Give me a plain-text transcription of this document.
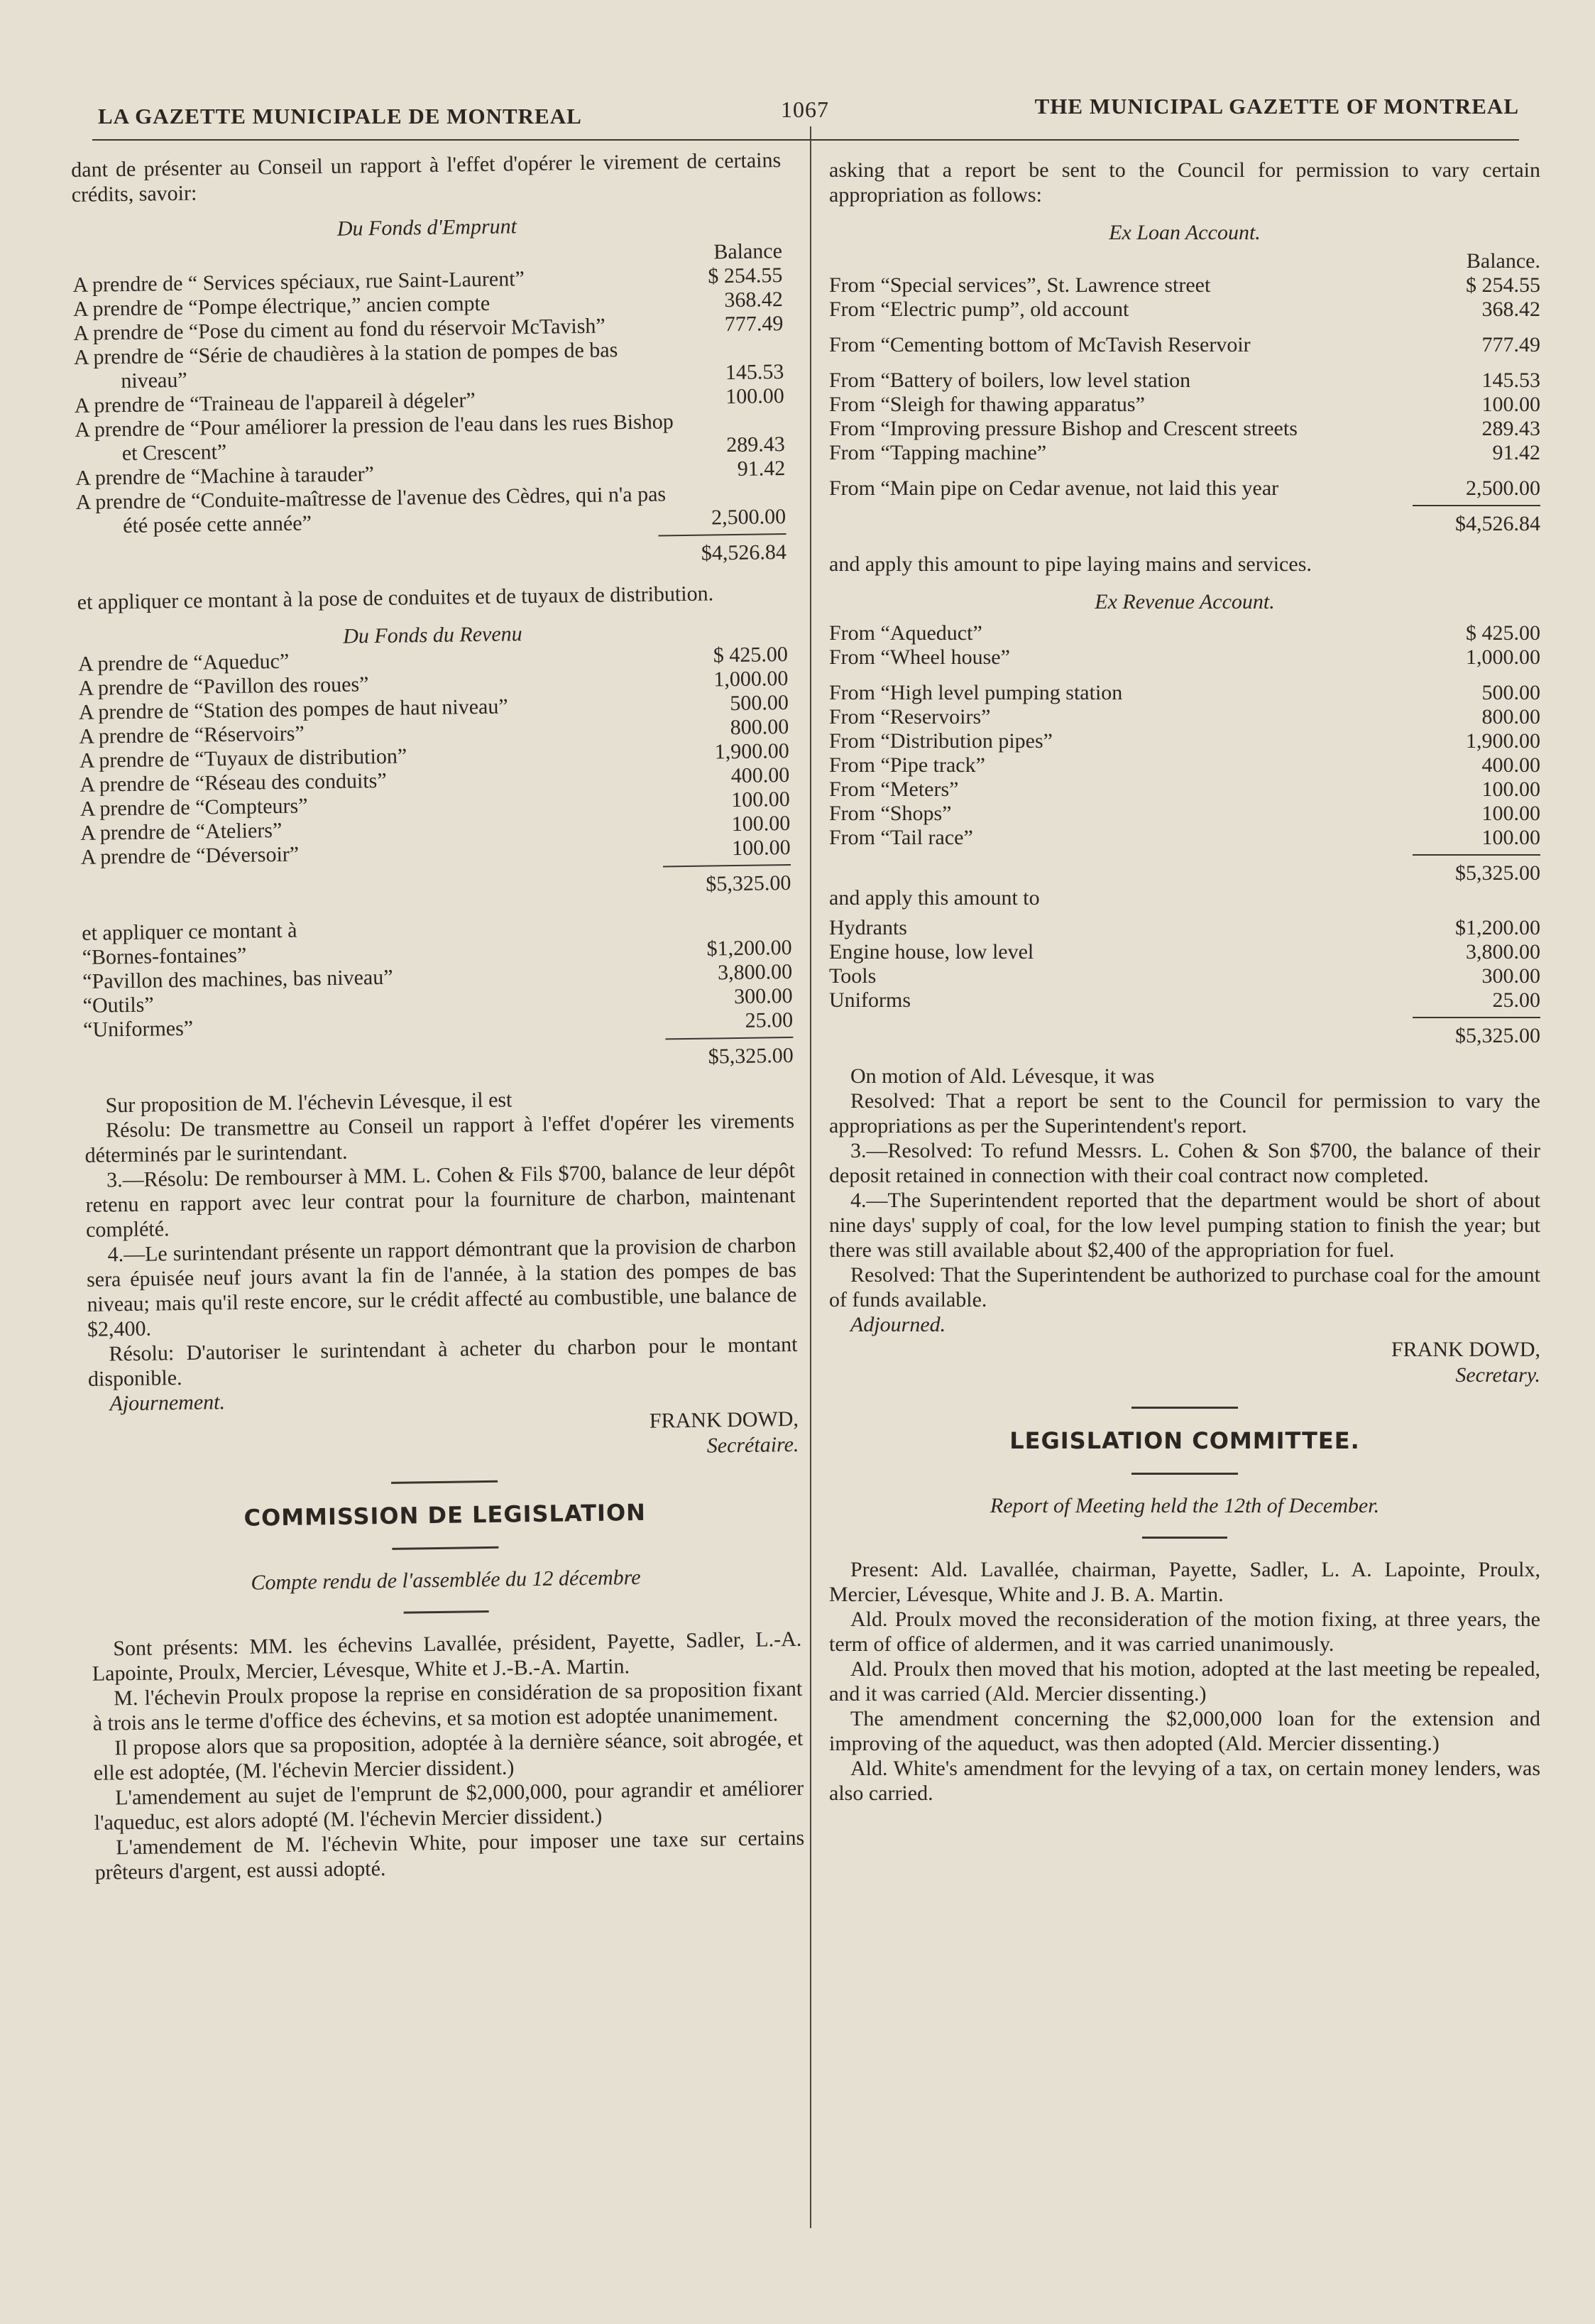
LA GAZETTE MUNICIPALE DE MONTREAL	1067	THE MUNICIPAL GAZETTE OF MONTREAL

dant de présenter au Conseil un rapport à l'effet d'opérer le virement de certains crédits, savoir:

Du Fonds d'Emprunt
Balance
A prendre de “ Services spéciaux, rue Saint-Laurent”	$ 254.55
A prendre de “Pompe électrique,” ancien compte	368.42
A prendre de “Pose du ciment au fond du réservoir McTavish”	777.49
A prendre de “Série de chaudières à la station de pompes de bas niveau”	145.53
A prendre de “Traineau de l'appareil à dégeler”	100.00
A prendre de “Pour améliorer la pression de l'eau dans les rues Bishop et Crescent”	289.43
A prendre de “Machine à tarauder”	91.42
A prendre de “Conduite-maîtresse de l'avenue des Cèdres, qui n'a pas été posée cette année”	2,500.00
$4,526.84

et appliquer ce montant à la pose de conduites et de tuyaux de distribution.

Du Fonds du Revenu
A prendre de “Aqueduc”	$ 425.00
A prendre de “Pavillon des roues”	1,000.00
A prendre de “Station des pompes de haut niveau”	500.00
A prendre de “Réservoirs”	800.00
A prendre de “Tuyaux de distribution”	1,900.00
A prendre de “Réseau des conduits”	400.00
A prendre de “Compteurs”	100.00
A prendre de “Ateliers”	100.00
A prendre de “Déversoir”	100.00
$5,325.00

et appliquer ce montant à

“Bornes-fontaines”	$1,200.00
“Pavillon des machines, bas niveau”	3,800.00
“Outils”	300.00
“Uniformes”	25.00
$5,325.00

Sur proposition de M. l'échevin Lévesque, il est

Résolu: De transmettre au Conseil un rapport à l'effet d'opérer les virements déterminés par le surintendant.

3.—Résolu: De rembourser à MM. L. Cohen & Fils $700, balance de leur dépôt retenu en rapport avec leur contrat pour la fourniture de charbon, maintenant complété.

4.—Le surintendant présente un rapport démontrant que la provision de charbon sera épuisée neuf jours avant la fin de l'année, à la station des pompes de bas niveau; mais qu'il reste encore, sur le crédit affecté au combustible, une balance de $2,400.

Résolu: D'autoriser le surintendant à acheter du charbon pour le montant disponible.

Ajournement.

FRANK DOWD,
Secrétaire.
COMMISSION DE LEGISLATION
Compte rendu de l'assemblée du 12 décembre

Sont présents: MM. les échevins Lavallée, président, Payette, Sadler, L.-A. Lapointe, Proulx, Mercier, Lévesque, White et J.-B.-A. Martin.

M. l'échevin Proulx propose la reprise en considération de sa proposition fixant à trois ans le terme d'office des échevins, et sa motion est adoptée unanimement.

Il propose alors que sa proposition, adoptée à la dernière séance, soit abrogée, et elle est adoptée, (M. l'échevin Mercier dissident.)

L'amendement au sujet de l'emprunt de $2,000,000, pour agrandir et améliorer l'aqueduc, est alors adopté (M. l'échevin Mercier dissident.)

L'amendement de M. l'échevin White, pour imposer une taxe sur certains prêteurs d'argent, est aussi adopté.

asking that a report be sent to the Council for permission to vary certain appropriation as follows:

Ex Loan Account.
Balance.
From “Special services”, St. Lawrence street	$ 254.55
From “Electric pump”, old account	368.42
From “Cementing bottom of McTavish Reservoir	777.49
From “Battery of boilers, low level station	145.53
From “Sleigh for thawing apparatus”	100.00
From “Improving pressure Bishop and Crescent streets	289.43
From “Tapping machine”	91.42
From “Main pipe on Cedar avenue, not laid this year	2,500.00
$4,526.84

and apply this amount to pipe laying mains and services.

Ex Revenue Account.
From “Aqueduct”	$ 425.00
From “Wheel house”	1,000.00
From “High level pumping station	500.00
From “Reservoirs”	800.00
From “Distribution pipes”	1,900.00
From “Pipe track”	400.00
From “Meters”	100.00
From “Shops”	100.00
From “Tail race”	100.00
$5,325.00

and apply this amount to

Hydrants	$1,200.00
Engine house, low level	3,800.00
Tools	300.00
Uniforms	25.00
$5,325.00

On motion of Ald. Lévesque, it was

Resolved: That a report be sent to the Council for permission to vary the appropriations as per the Superintendent's report.

3.—Resolved: To refund Messrs. L. Cohen & Son $700, the balance of their deposit retained in connection with their coal contract now completed.

4.—The Superintendent reported that the department would be short of about nine days' supply of coal, for the low level pumping station to finish the year; but there was still available about $2,400 of the appropriation for fuel.

Resolved: That the Superintendent be authorized to purchase coal for the amount of funds available.

Adjourned.

FRANK DOWD,
Secretary.
LEGISLATION COMMITTEE.
Report of Meeting held the 12th of December.

Present: Ald. Lavallée, chairman, Payette, Sadler, L. A. Lapointe, Proulx, Mercier, Lévesque, White and J. B. A. Martin.

Ald. Proulx moved the reconsideration of the motion fixing, at three years, the term of office of aldermen, and it was carried unanimously.

Ald. Proulx then moved that his motion, adopted at the last meeting be repealed, and it was carried (Ald. Mercier dissenting.)

The amendment concerning the $2,000,000 loan for the extension and improving of the aqueduct, was then adopted (Ald. Mercier dissenting.)

Ald. White's amendment for the levying of a tax, on certain money lenders, was also carried.
